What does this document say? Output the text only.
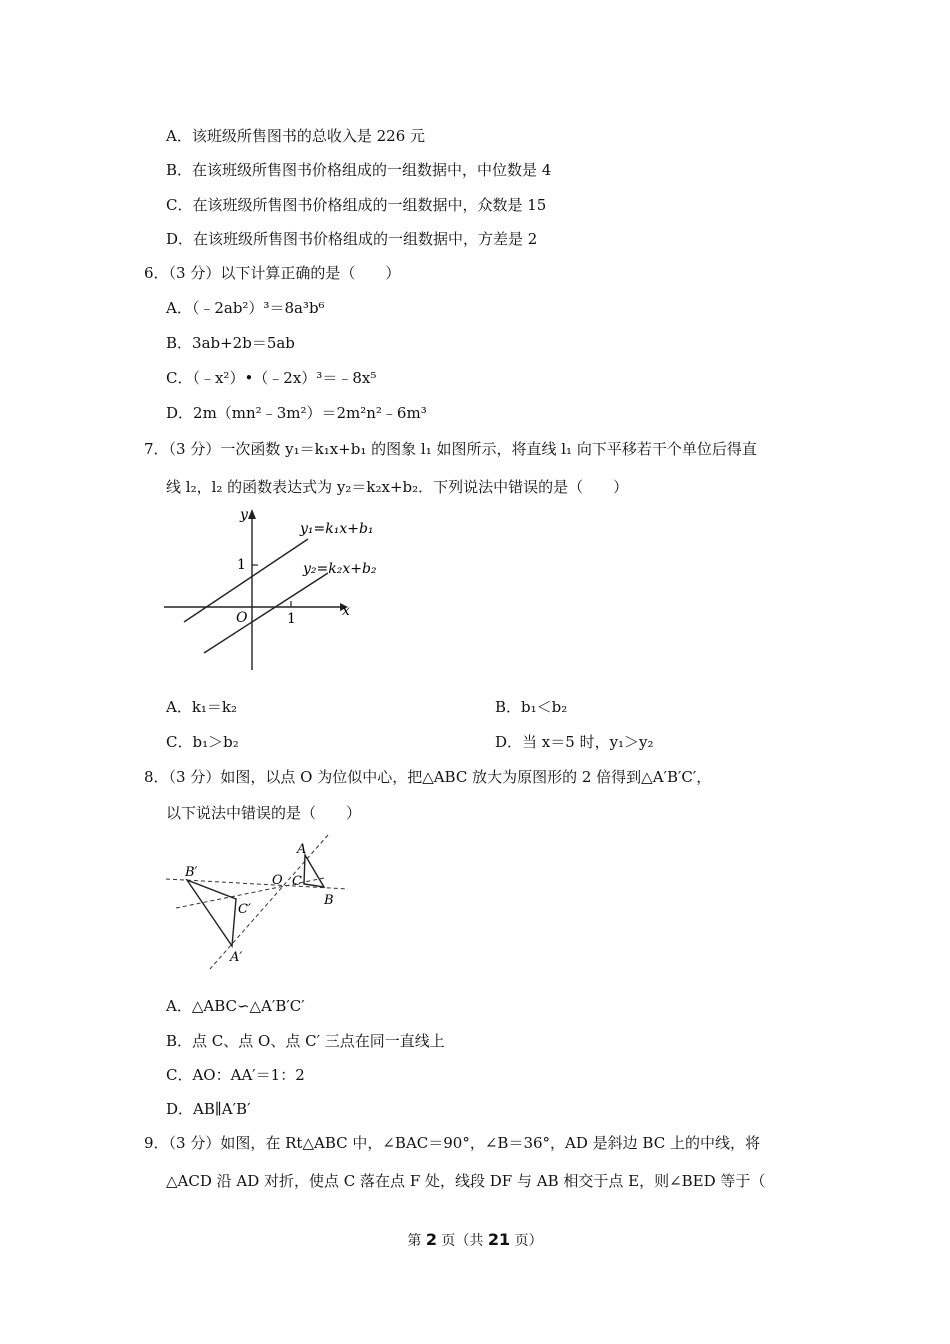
A．该班级所售图书的总收入是 226 元
B．在该班级所售图书价格组成的一组数据中，中位数是 4
C．在该班级所售图书价格组成的一组数据中，众数是 15
D．在该班级所售图书价格组成的一组数据中，方差是 2
6．（3 分）以下计算正确的是（　　）
A．（﹣2ab²）³＝8a³b⁶
B．3ab+2b＝5ab
C．（﹣x²）•（﹣2x）³＝﹣8x⁵
D．2m（mn²﹣3m²）＝2m²n²﹣6m³
7．（3 分）一次函数 y₁＝k₁x+b₁ 的图象 l₁ 如图所示，将直线 l₁ 向下平移若干个单位后得直
线 l₂，l₂ 的函数表达式为 y₂＝k₂x+b₂．下列说法中错误的是（　　）
y
x
O
1
1
y₁=k₁x+b₁
y₂=k₂x+b₂
A．k₁＝k₂	B．b₁＜b₂
C．b₁＞b₂	D．当 x＝5 时，y₁＞y₂
8．（3 分）如图，以点 O 为位似中心，把△ABC 放大为原图形的 2 倍得到△A′B′C′，
以下说法中错误的是（　　）
A
B
C
O
A′
B′
C′
A．△ABC∽△A′B′C′
B．点 C、点 O、点 C′ 三点在同一直线上
C．AO：AA′＝1：2
D．AB∥A′B′
9．（3 分）如图，在 Rt△ABC 中，∠BAC＝90°，∠B＝36°，AD 是斜边 BC 上的中线，将
△ACD 沿 AD 对折，使点 C 落在点 F 处，线段 DF 与 AB 相交于点 E，则∠BED 等于（
第 2 页（共 21 页）
